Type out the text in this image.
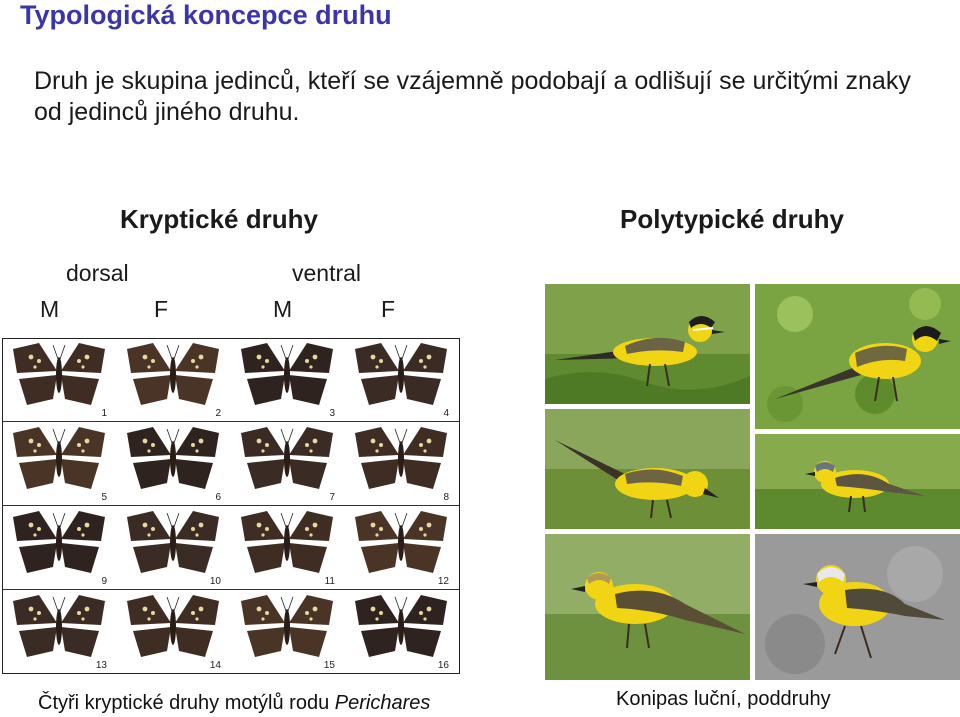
Typologická koncepce druhu
Druh je skupina jedinců, kteří se vzájemně podobají a odlišují se určitými znaky od jedinců jiného druhu.
Kryptické druhy	Polytypické druhy
dorsal	ventral
M	F	M	F
1	2	3	4
5	6	7	8
9	10	11	12
13	14	15	16
Čtyři kryptické druhy motýlů rodu Perichares	Konipas luční, poddruhy
